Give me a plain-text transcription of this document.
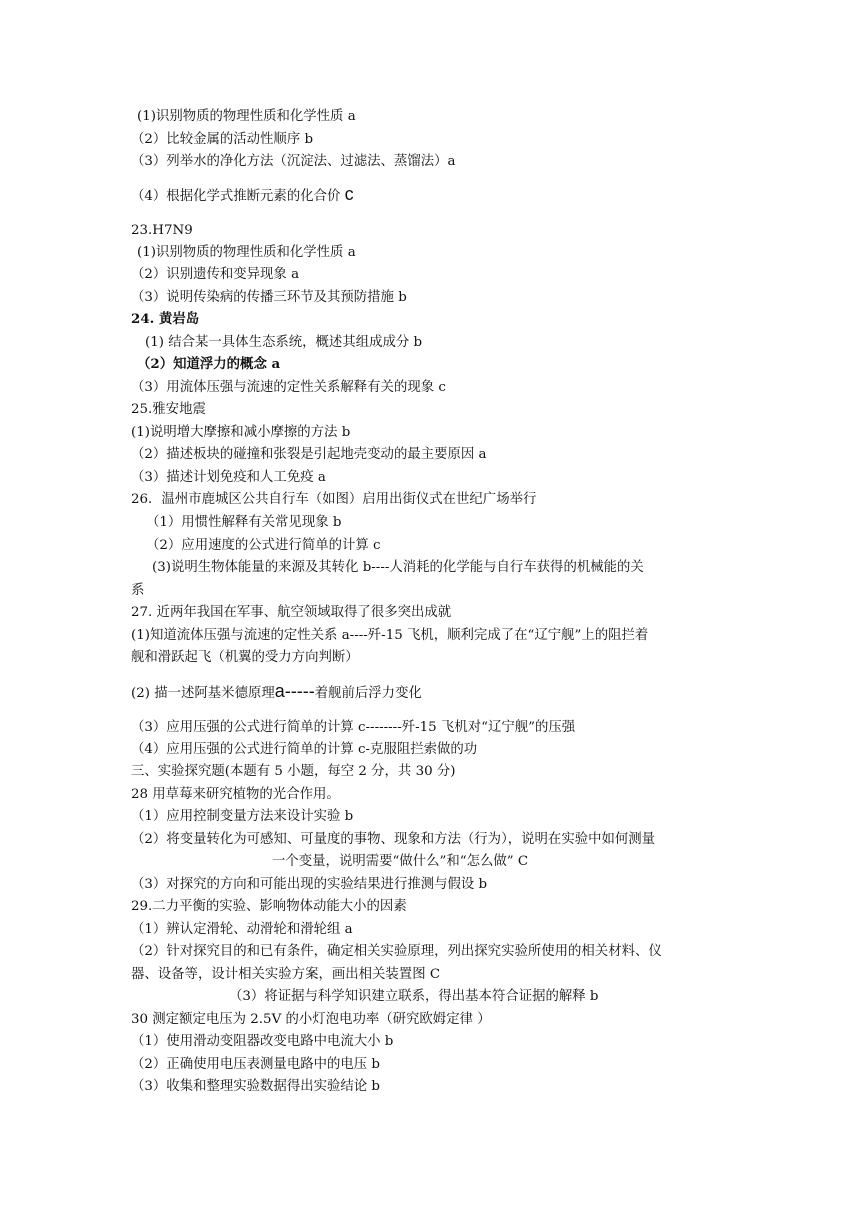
(1)识别物质的物理性质和化学性质 a
（2）比较金属的活动性顺序 b
（3）列举水的净化方法（沉淀法、过滤法、蒸馏法）a
（4）根据化学式推断元素的化合价 c
23.H7N9
(1)识别物质的物理性质和化学性质 a
（2）识别遗传和变异现象 a
（3）说明传染病的传播三环节及其预防措施 b
24. 黄岩岛
(1) 结合某一具体生态系统，概述其组成成分 b
（2）知道浮力的概念 a
（3）用流体压强与流速的定性关系解释有关的现象 c
25.雅安地震
(1)说明增大摩擦和减小摩擦的方法 b
（2）描述板块的碰撞和张裂是引起地壳变动的最主要原因 a
（3）描述计划免疫和人工免疫 a
26．温州市鹿城区公共自行车（如图）启用出街仪式在世纪广场举行
（1）用惯性解释有关常见现象 b
（2）应用速度的公式进行简单的计算 c
(3)说明生物体能量的来源及其转化 b----人消耗的化学能与自行车获得的机械能的关
系
27. 近两年我国在军事、航空领域取得了很多突出成就
(1)知道流体压强与流速的定性关系 a----歼-15 飞机，顺利完成了在“辽宁舰”上的阻拦着
舰和滑跃起飞（机翼的受力方向判断）
(2) 描一述阿基米德原理a-----着舰前后浮力变化
（3）应用压强的公式进行简单的计算 c--------歼-15 飞机对“辽宁舰”的压强
（4）应用压强的公式进行简单的计算 c-克服阻拦索做的功
三、实验探究题(本题有 5 小题，每空 2 分，共 30 分)
28 用草莓来研究植物的光合作用。
（1）应用控制变量方法来设计实验 b
（2）将变量转化为可感知、可量度的事物、现象和方法（行为），说明在实验中如何测量
一个变量，说明需要“做什么”和“怎么做” C
（3）对探究的方向和可能出现的实验结果进行推测与假设 b
29.二力平衡的实验、影响物体动能大小的因素
（1）辨认定滑轮、动滑轮和滑轮组 a
（2）针对探究目的和已有条件，确定相关实验原理，列出探究实验所使用的相关材料、仪
器、设备等，设计相关实验方案，画出相关装置图 C
（3）将证据与科学知识建立联系，得出基本符合证据的解释 b
30 测定额定电压为 2.5V 的小灯泡电功率（研究欧姆定律 ）
（1）使用滑动变阻器改变电路中电流大小 b
（2）正确使用电压表测量电路中的电压 b
（3）收集和整理实验数据得出实验结论 b
